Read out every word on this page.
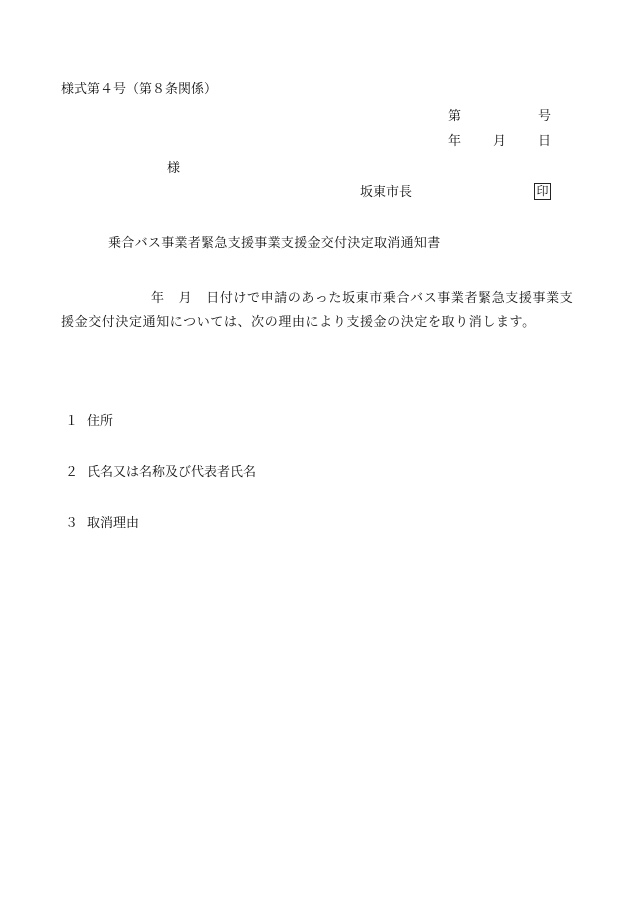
様式第４号（第８条関係）
第	号
年 月 日
様
坂東市長	印
乗合バス事業者緊急支援事業支援金交付決定取消通知書
年 月 日付けで申請のあった坂東市乗合バス事業者緊急支援事業支援金交付決定通知については、次の理由により支援金の決定を取り消します。
１ 住所
２ 氏名又は名称及び代表者氏名
３ 取消理由
